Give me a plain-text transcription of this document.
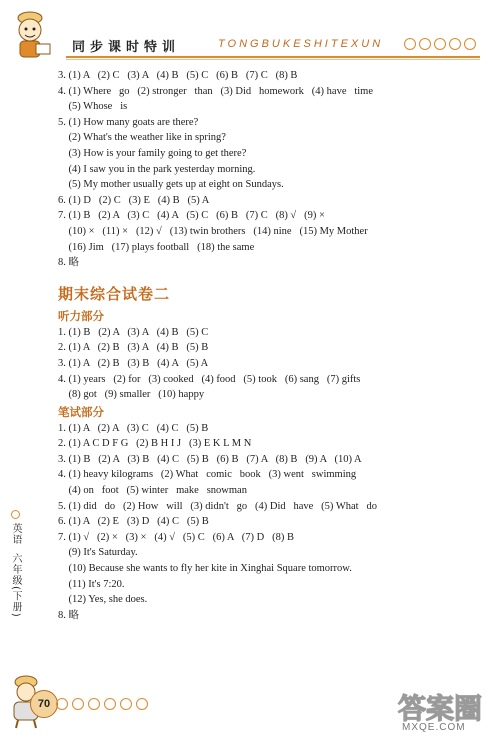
同步课时特训	TONGBUKESHITEXUN
3. (1) A   (2) C   (3) A   (4) B   (5) C   (6) B   (7) C   (8) B
4. (1) Where   go   (2) stronger   than   (3) Did   homework   (4) have   time
(5) Whose   is
5. (1) How many goats are there?
(2) What's the weather like in spring?
(3) How is your family going to get there?
(4) I saw you in the park yesterday morning.
(5) My mother usually gets up at eight on Sundays.
6. (1) D   (2) C   (3) E   (4) B   (5) A
7. (1) B   (2) A   (3) C   (4) A   (5) C   (6) B   (7) C   (8) √   (9) ×
(10) ×   (11) ×   (12) √   (13) twin brothers   (14) nine   (15) My Mother
(16) Jim   (17) plays football   (18) the same
8. 略
期末综合试卷二
听力部分
1. (1) B   (2) A   (3) A   (4) B   (5) C
2. (1) A   (2) B   (3) A   (4) B   (5) B
3. (1) A   (2) B   (3) B   (4) A   (5) A
4. (1) years   (2) for   (3) cooked   (4) food   (5) took   (6) sang   (7) gifts
(8) got   (9) smaller   (10) happy
笔试部分
1. (1) A   (2) A   (3) C   (4) C   (5) B
2. (1) A C D F G   (2) B H I J   (3) E K L M N
3. (1) B   (2) A   (3) B   (4) C   (5) B   (6) B   (7) A   (8) B   (9) A   (10) A
4. (1) heavy kilograms   (2) What   comic   book   (3) went   swimming
(4) on   foot   (5) winter   make   snowman
5. (1) did   do   (2) How   will   (3) didn't   go   (4) Did   have   (5) What   do
6. (1) A   (2) E   (3) D   (4) C   (5) B
7. (1) √   (2) ×   (3) ×   (4) √   (5) C   (6) A   (7) D   (8) B
(9) It's Saturday.
(10) Because she wants to fly her kite in Xinghai Square tomorrow.
(11) It's 7:20.
(12) Yes, she does.
8. 略
英语
六年级(下册)
70	答案圈
MXQE.COM
